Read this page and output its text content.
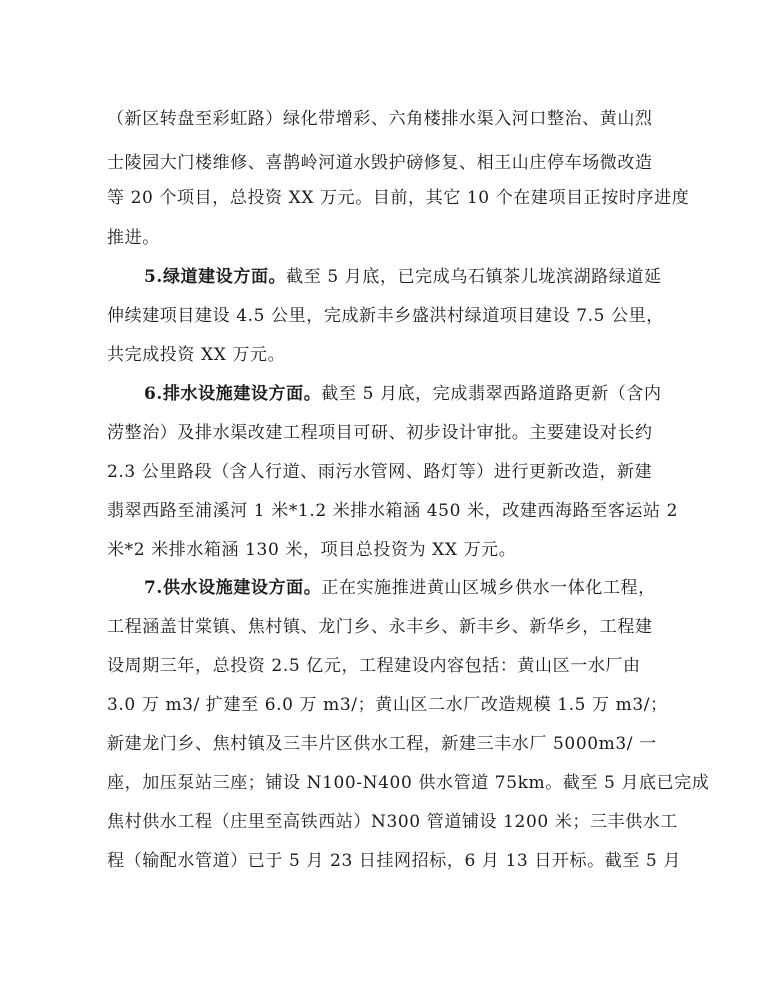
（新区转盘至彩虹路）绿化带增彩、六角楼排水渠入河口整治、黄山烈
士陵园大门楼维修、喜鹊岭河道水毁护磅修复、相王山庄停车场微改造
等 20 个项目，总投资 XX 万元。目前，其它 10 个在建项目正按时序进度
推进。
5.绿道建设方面。截至 5 月底，已完成乌石镇茶儿垅滨湖路绿道延
伸续建项目建设 4.5 公里，完成新丰乡盛洪村绿道项目建设 7.5 公里，
共完成投资 XX 万元。
6.排水设施建设方面。截至 5 月底，完成翡翠西路道路更新（含内
涝整治）及排水渠改建工程项目可研、初步设计审批。主要建设对长约
2.3 公里路段（含人行道、雨污水管网、路灯等）进行更新改造，新建
翡翠西路至浦溪河 1 米*1.2 米排水箱涵 450 米，改建西海路至客运站 2
米*2 米排水箱涵 130 米，项目总投资为 XX 万元。
7.供水设施建设方面。正在实施推进黄山区城乡供水一体化工程，
工程涵盖甘棠镇、焦村镇、龙门乡、永丰乡、新丰乡、新华乡，工程建
设周期三年，总投资 2.5 亿元，工程建设内容包括：黄山区一水厂由
3.0 万 m3/ 扩建至 6.0 万 m3/；黄山区二水厂改造规模 1.5 万 m3/；
新建龙门乡、焦村镇及三丰片区供水工程，新建三丰水厂 5000m3/ 一
座，加压泵站三座；铺设 N100-N400 供水管道 75km。截至 5 月底已完成
焦村供水工程（庄里至高铁西站）N300 管道铺设 1200 米；三丰供水工
程（输配水管道）已于 5 月 23 日挂网招标，6 月 13 日开标。截至 5 月
